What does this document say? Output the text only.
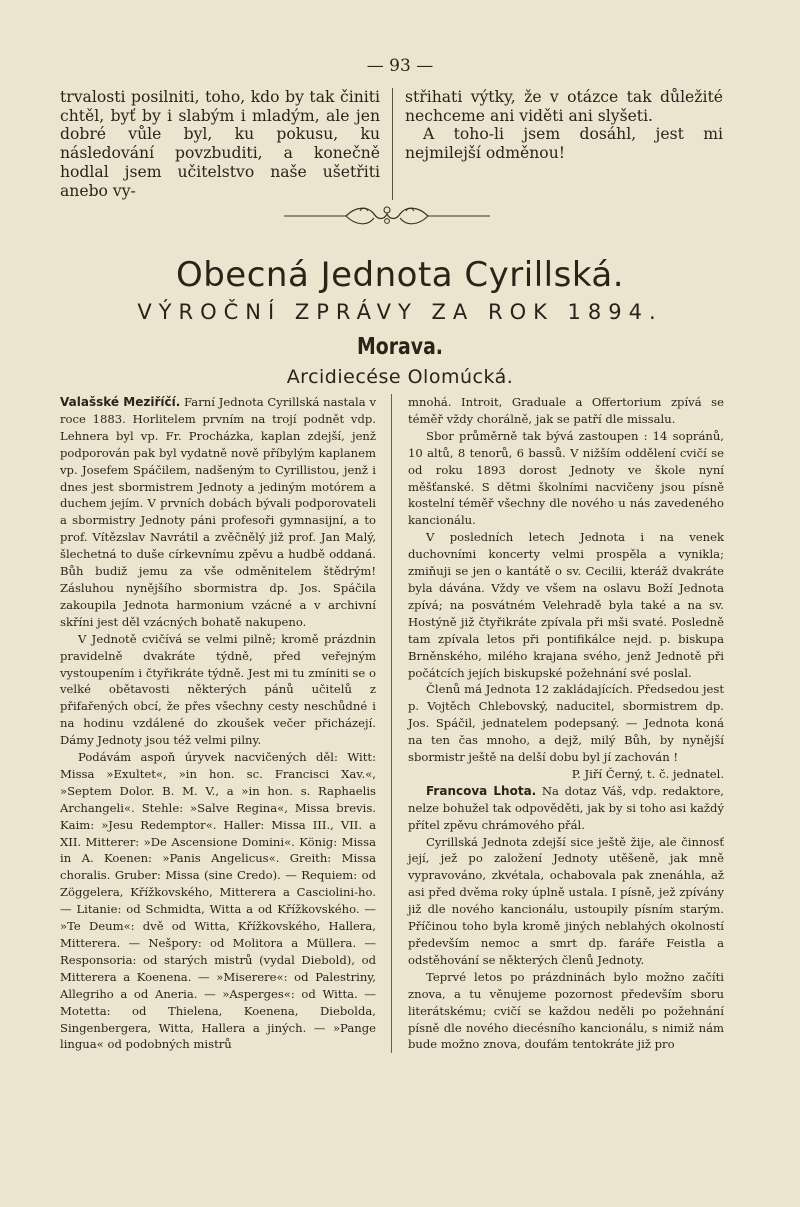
— 93 —

trvalosti posilniti, toho, kdo by tak činiti chtěl, byť by i slabým i mladým, ale jen dobré vůle byl, ku pokusu, ku následování povzbuditi, a konečně hodlal jsem učitelstvo naše ušetřiti anebo vy-

střihati výtky, že v otázce tak důležité nechceme ani viděti ani slyšeti.

A toho-li jsem dosáhl, jest mi nejmilejší odměnou!

Obecná Jednota Cyrillská.
VÝROČNÍ ZPRÁVY ZA ROK 1894.
Morava.
Arcidiecése Olomúcká.

Valašské Meziříčí. Farní Jednota Cyrillská nastala v roce 1883. Horlitelem prvním na trojí podnět vdp. Lehnera byl vp. Fr. Procházka, kaplan zdejší, jenž podporován pak byl vydatně nově příbylým kaplanem vp. Josefem Spáčilem, nadšeným to Cyrillistou, jenž i dnes jest sbormistrem Jednoty a jediným motórem a duchem jejím. V prvních dobách bývali podporovateli a sbormistry Jednoty páni profesoři gymnasijní, a to prof. Vítězslav Navrátil a zvěčnělý již prof. Jan Malý, šlechetná to duše církevnímu zpěvu a hudbě oddaná. Bůh budiž jemu za vše odměnitelem štědrým! Zásluhou nynějšího sbormistra dp. Jos. Spáčila zakoupila Jednota harmonium vzácné a v archivní skříni jest děl vzácných bohatě nakupeno.

V Jednotě cvičívá se velmi pilně; kromě prázdnin pravidelně dvakráte týdně, před veřejným vystoupením i čtyřikráte týdně. Jest mi tu zmíniti se o velké obětavosti některých pánů učitelů z přifařených obcí, že přes všechny cesty neschůdné i na hodinu vzdálené do zkoušek večer přicházejí. Dámy Jednoty jsou též velmi pilny.

Podávám aspoň úryvek nacvičených děl: Witt: Missa »Exultet«, »in hon. sc. Francisci Xav.«, »Septem Dolor. B. M. V., a »in hon. s. Raphaelis Archangeli«. Stehle: »Salve Regina«, Missa brevis. Kaim: »Jesu Redemptor«. Haller: Missa III., VII. a XII. Mitterer: »De Ascensione Domini«. König: Missa in A. Koenen: »Panis Angelicus«. Greith: Missa choralis. Gruber: Missa (sine Credo). — Requiem: od Zöggelera, Křížkovského, Mitterera a Casciolini-ho. — Litanie: od Schmidta, Witta a od Křížkovského. — »Te Deum«: dvě od Witta, Křížkovského, Hallera, Mitterera. — Nešpory: od Molitora a Müllera. — Responsoria: od starých mistrů (vydal Diebold), od Mitterera a Koenena. — »Miserere«: od Palestriny, Allegriho a od Aneria. — »Asperges«: od Witta. — Motetta: od Thielena, Koenena, Diebolda, Singenbergera, Witta, Hallera a jiných. — »Pange lingua« od podobných mistrů

mnohá. Introit, Graduale a Offertorium zpívá se téměř vždy chorálně, jak se patří dle missalu.

Sbor průměrně tak bývá zastoupen : 14 sopránů, 10 altů, 8 tenorů, 6 bassů. V nižším oddělení cvičí se od roku 1893 dorost Jednoty ve škole nyní měšťanské. S dětmi školními nacvičeny jsou písně kostelní téměř všechny dle nového u nás zavedeného kancionálu.

V posledních letech Jednota i na venek duchovními koncerty velmi prospěla a vynikla; zmiňuji se jen o kantátě o sv. Cecilii, kteráž dvakráte byla dávána. Vždy ve všem na oslavu Boží Jednota zpívá; na posvátném Velehradě byla také a na sv. Hostýně již čtyřikráte zpívala při mši svaté. Posledně tam zpívala letos při pontifikálce nejd. p. biskupa Brněnského, milého krajana svého, jenž Jednotě při počátcích jejích biskupské požehnání své poslal.

Členů má Jednota 12 zakládajících. Předsedou jest p. Vojtěch Chlebovský, naducitel, sbormistrem dp. Jos. Spáčil, jednatelem podepsaný. — Jednota koná na ten čas mnoho, a dejž, milý Bůh, by nynější sbormistr ještě na delší dobu byl jí zachován !

P. Jiří Černý, t. č. jednatel.

Francova Lhota. Na dotaz Váš, vdp. redaktore, nelze bohužel tak odpověděti, jak by si toho asi každý přítel zpěvu chrámového přál.

Cyrillská Jednota zdejší sice ještě žije, ale činnosť její, jež po založení Jednoty utěšeně, jak mně vypravováno, zkvétala, ochabovala pak znenáhla, až asi před dvěma roky úplně ustala. I písně, jež zpívány již dle nového kancionálu, ustoupily písním starým. Příčinou toho byla kromě jiných neblahých okolností především nemoc a smrt dp. faráře Feistla a odstěhování se některých členů Jednoty.

Teprvé letos po prázdninách bylo možno začíti znova, a tu věnujeme pozornost především sboru literátskému; cvičí se každou neděli po požehnání písně dle nového diecésního kancionálu, s nimiž nám bude možno znova, doufám tentokráte již pro
